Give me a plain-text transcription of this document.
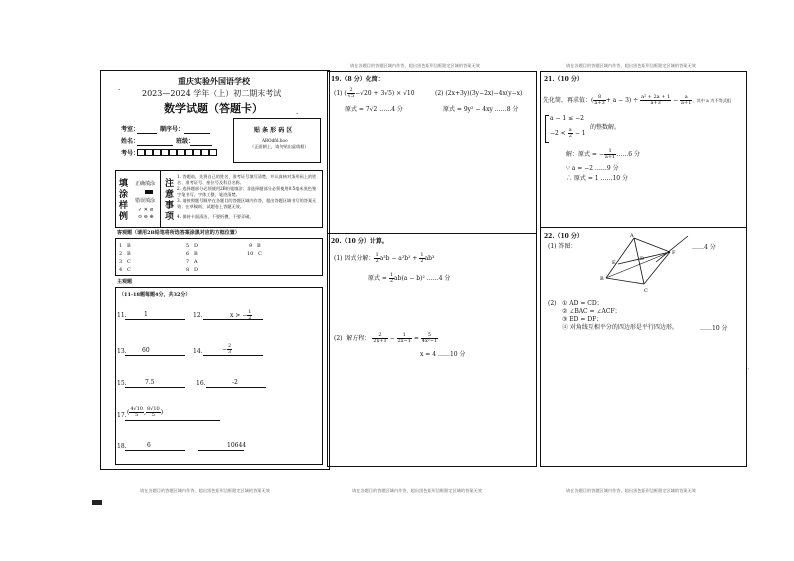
·
·
重庆实验外国语学校
2023—2024 学年（上）初二期末考试
数学试题（答题卡）
考室：	顺序号：
姓名：	班级：
考号：
贴 条 形 码 区
ABOdfd.hoo
（正面朝上，请勿贴出虚线框）
填涂样例
正确填涂
错误填涂
✓ ✕ ⊘
⊙ ⊖ ⊕
注意事项
1. 答题前，先将自己的姓名、准考证号填写清楚，并认真核对条形码上的姓名、准考证号、座位号及科目名称。
2. 选择题部分必须使用2B铅笔填涂；非选择题部分必须使用0.5毫米黑色签字笔书写，字体工整、笔迹清楚。
3. 请按照题号顺序在各题目的答题区域内作答，超出答题区域书写的答案无效；在草稿纸、试题卷上答题无效。
4. 保持卡面清洁，不要折叠，不要弄破。
客观题（请用2B铅笔将所选答案涂黑对应的方框位置）
1 B
2 B
3 C
4 C
5 D
6 B
7 A
8 D
9 B
10 C
主观题
（11-18题每题4分，共32分）
11.	1	12.	x > − $\frac{1}{2}$
13.	60	14.	− $\frac{2}{3}$
15.	7.5	16.	-2
17. ( $\frac{4√10}{5}$ , $\frac{8√10}{5}$ )
18.	6	10644
请在各题目的答题区域内作答，超出黑色矩形边框限定区域的答案无效
请在各题目的答题区域内作答，超出黑色矩形边框限定区域的答案无效
19.（8 分）化简：
(1) ( $\frac{2}{√5} -√20 + 3√5) \times √10$
原式 = 7√2 ……4 分
(2) (2x+3y)(3y−2x)−4x(y−x)
原式 = 9y² − 4xy ……8 分
20.（10 分）计算。
(1) 因式分解： $\frac{1}{2} a^3b - a^2b^2 + \frac{1}{2} ab^3$
原式 = $\frac{1}{2} ab(a - b)^2$ ……4 分
(2) 解方程： $\frac{2}{2x+1} - \frac{1}{2x-1} = \frac{5}{\text{4x²−1}}$
x = 4 ……10 分
请在各题目的答题区域内作答，超出黑色矩形边框限定区域的答案无效
请在各题目的答题区域内作答，超出黑色矩形边框限定区域的答案无效
21.（10 分）
先化简，再求值：( $\frac{8}{a+3} + a - 3) \div \frac{\text{a² + 2a + 1}}{a+3} - \frac{a}{a+1}$ ，其中 a 为不等式组
a − 1 ≤ −2
$-2 < \frac{a}{2} - 1$
的整数解。
解：原式 = − $\frac{1}{a+1}$ ……6 分
∵ a = −2 ……9 分
∴ 原式 = 1 ……10 分
22.（10 分）
(1) 答图：	……4 分
A
B
C
D
E
F
(2) ① AD = CD；
② ∠BAC = ∠ACF；
③ ED = DF；
④ 对角线互相平分的四边形是平行四边形。	……10 分
·
请在各题目的答题区域内作答，超出黑色矩形边框限定区域的答案无效
